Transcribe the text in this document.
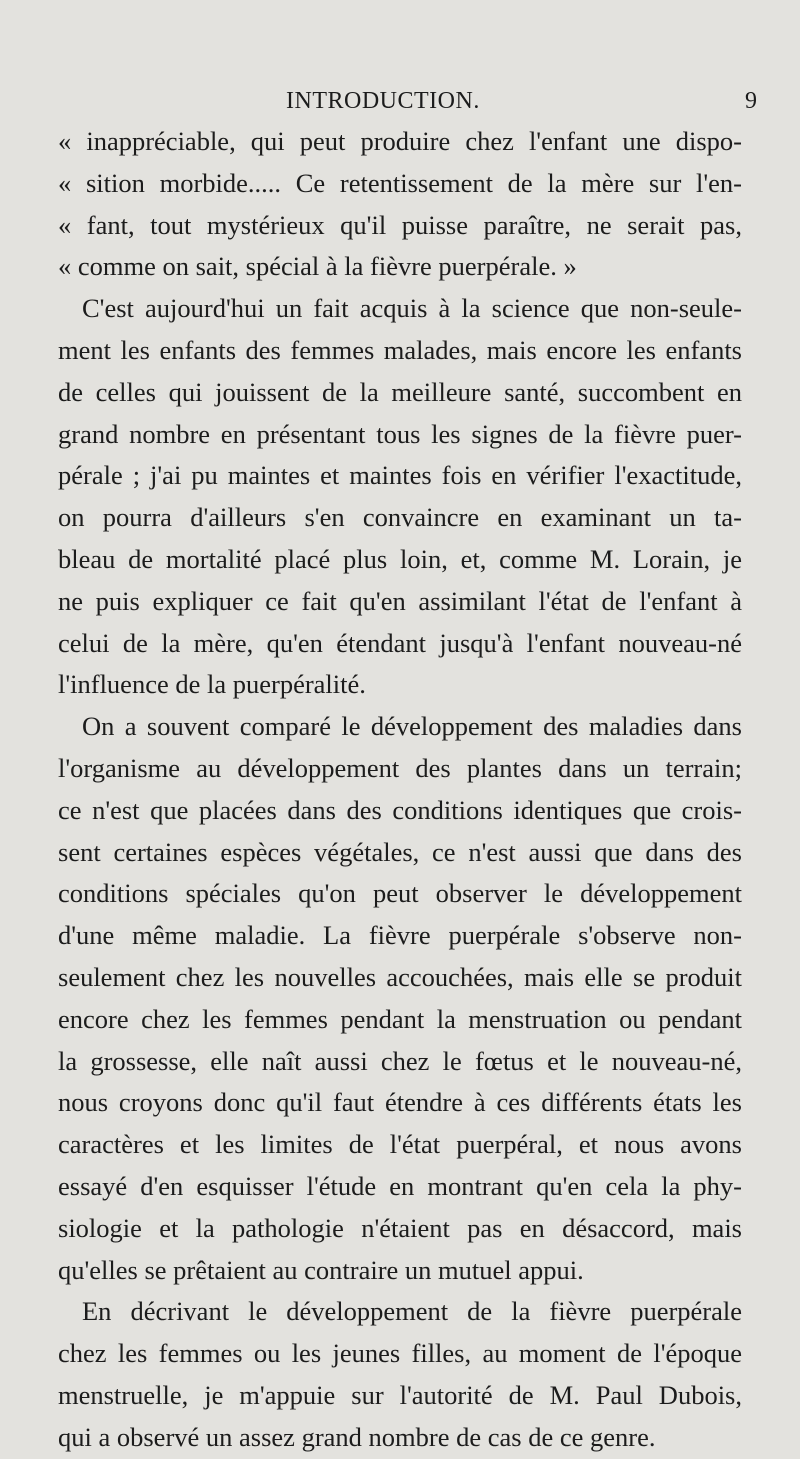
INTRODUCTION.	9
« inappréciable, qui peut produire chez l'enfant une dispo-
« sition morbide..... Ce retentissement de la mère sur l'en-
« fant, tout mystérieux qu'il puisse paraître, ne serait pas,
« comme on sait, spécial à la fièvre puerpérale. »
C'est aujourd'hui un fait acquis à la science que non-seule-
ment les enfants des femmes malades, mais encore les enfants
de celles qui jouissent de la meilleure santé, succombent en
grand nombre en présentant tous les signes de la fièvre puer-
pérale ; j'ai pu maintes et maintes fois en vérifier l'exactitude,
on pourra d'ailleurs s'en convaincre en examinant un ta-
bleau de mortalité placé plus loin, et, comme M. Lorain, je
ne puis expliquer ce fait qu'en assimilant l'état de l'enfant à
celui de la mère, qu'en étendant jusqu'à l'enfant nouveau-né
l'influence de la puerpéralité.
On a souvent comparé le développement des maladies dans
l'organisme au développement des plantes dans un terrain;
ce n'est que placées dans des conditions identiques que crois-
sent certaines espèces végétales, ce n'est aussi que dans des
conditions spéciales qu'on peut observer le développement
d'une même maladie. La fièvre puerpérale s'observe non-
seulement chez les nouvelles accouchées, mais elle se produit
encore chez les femmes pendant la menstruation ou pendant
la grossesse, elle naît aussi chez le fœtus et le nouveau-né,
nous croyons donc qu'il faut étendre à ces différents états les
caractères et les limites de l'état puerpéral, et nous avons
essayé d'en esquisser l'étude en montrant qu'en cela la phy-
siologie et la pathologie n'étaient pas en désaccord, mais
qu'elles se prêtaient au contraire un mutuel appui.
En décrivant le développement de la fièvre puerpérale
chez les femmes ou les jeunes filles, au moment de l'époque
menstruelle, je m'appuie sur l'autorité de M. Paul Dubois,
qui a observé un assez grand nombre de cas de ce genre.
